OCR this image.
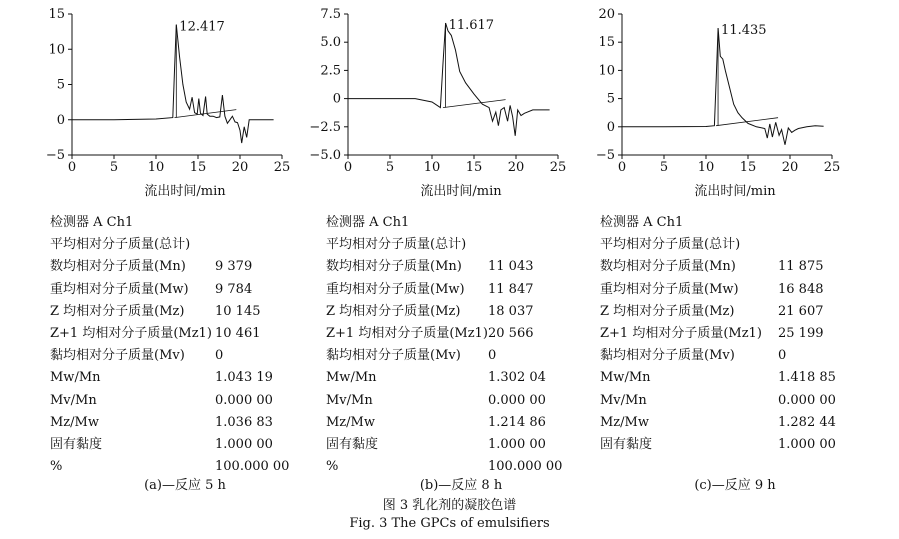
0	5 10 15 20 25
−5
0
5
10
15
12.417
流出时间/min
检测器 A Ch1
平均相对分子质量(总计)
数均相对分子质量(Mn) 9 379
重均相对分子质量(Mw) 9 784
Z 均相对分子质量(Mz) 10 145
Z+1 均相对分子质量(Mz1) 10 461
黏均相对分子质量(Mv) 0
Mw/Mn	1.043 19
Mv/Mn	0.000 00
Mz/Mw	1.036 83
固有黏度	1.000 00
%	100.000 00
(a)—反应 5 h
0	5 10 15 20 25
−5.0
−2.5
0
2.5
5.0
7.5
11.617
流出时间/min
检测器 A Ch1
平均相对分子质量(总计)
数均相对分子质量(Mn) 11 043
重均相对分子质量(Mw) 11 847
Z 均相对分子质量(Mz) 18 037
Z+1 均相对分子质量(Mz1) 20 566
黏均相对分子质量(Mv) 0
Mw/Mn	1.302 04
Mv/Mn	0.000 00
Mz/Mw	1.214 86
固有黏度	1.000 00
%	100.000 00
(b)—反应 8 h
0	5 10 15 20 25
−5
0
5
10
15
20
11.435
流出时间/min
检测器 A Ch1
平均相对分子质量(总计)
数均相对分子质量(Mn)	11 875
重均相对分子质量(Mw)	16 848
Z 均相对分子质量(Mz)	21 607
Z+1 均相对分子质量(Mz1) 25 199
黏均相对分子质量(Mv)	0
Mw/Mn	1.418 85
Mv/Mn	0.000 00
Mz/Mw	1.282 44
固有黏度	1.000 00
(c)—反应 9 h
图 3 乳化剂的凝胶色谱
Fig. 3 The GPCs of emulsifiers
